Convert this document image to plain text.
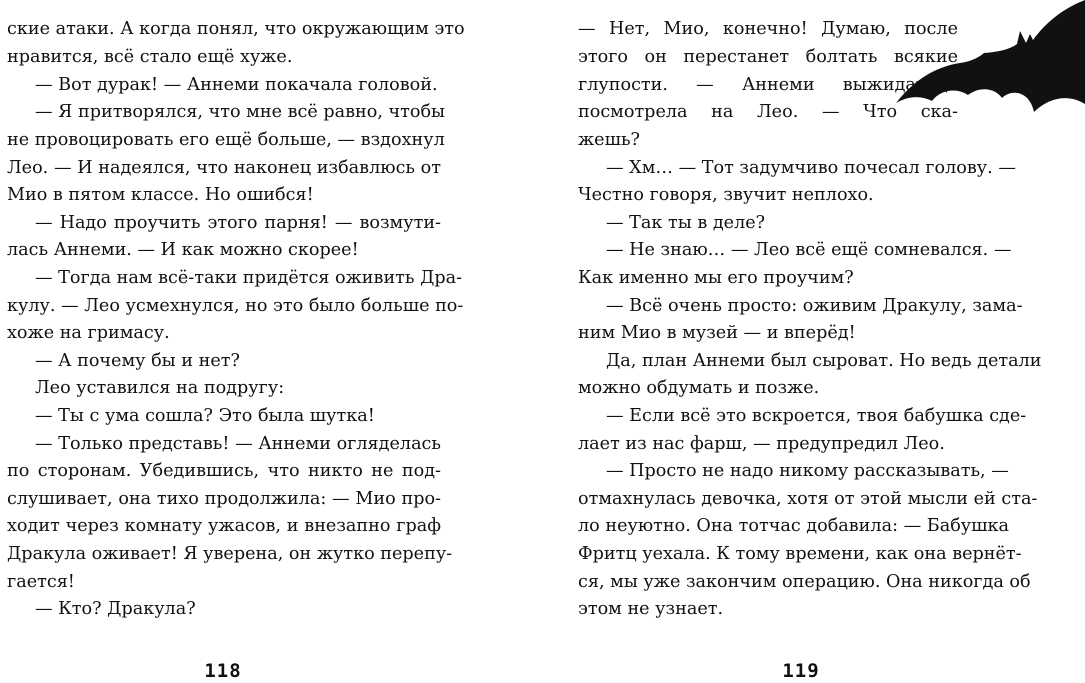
ские атаки. А когда понял, что окружающим это
нравится, всё стало ещё хуже.
— Вот дурак! — Аннеми покачала головой.
— Я притворялся, что мне всё равно, чтобы
не провоцировать его ещё больше, — вздохнул
Лео. — И надеялся, что наконец избавлюсь от
Мио в пятом классе. Но ошибся!
— Надо проучить этого парня! — возмути-
лась Аннеми. — И как можно скорее!
— Тогда нам всё-таки придётся оживить Дра-
кулу. — Лео усмехнулся, но это было больше по-
хоже на гримасу.
— А почему бы и нет?
Лео уставился на подругу:
— Ты с ума сошла? Это была шутка!
— Только представь! — Аннеми огляделась
по сторонам. Убедившись, что никто не под-
слушивает, она тихо продолжила: — Мио про-
ходит через комнату ужасов, и внезапно граф
Дракула оживает! Я уверена, он жутко перепу-
гается!
— Кто? Дракула?
118
— Нет, Мио, конечно! Думаю, после
этого он перестанет болтать всякие
глупости. — Аннеми выжидающе
посмотрела на Лео. — Что ска-
жешь?
— Хм… — Тот задумчиво почесал голову. —
Честно говоря, звучит неплохо.
— Так ты в деле?
— Не знаю… — Лео всё ещё сомневался. —
Как именно мы его проучим?
— Всё очень просто: оживим Дракулу, зама-
ним Мио в музей — и вперёд!
Да, план Аннеми был сыроват. Но ведь детали
можно обдумать и позже.
— Если всё это вскроется, твоя бабушка сде-
лает из нас фарш, — предупредил Лео.
— Просто не надо никому рассказывать, —
отмахнулась девочка, хотя от этой мысли ей ста-
ло неуютно. Она тотчас добавила: — Бабушка
Фритц уехала. К тому времени, как она вернёт-
ся, мы уже закончим операцию. Она никогда об
этом не узнает.
119
